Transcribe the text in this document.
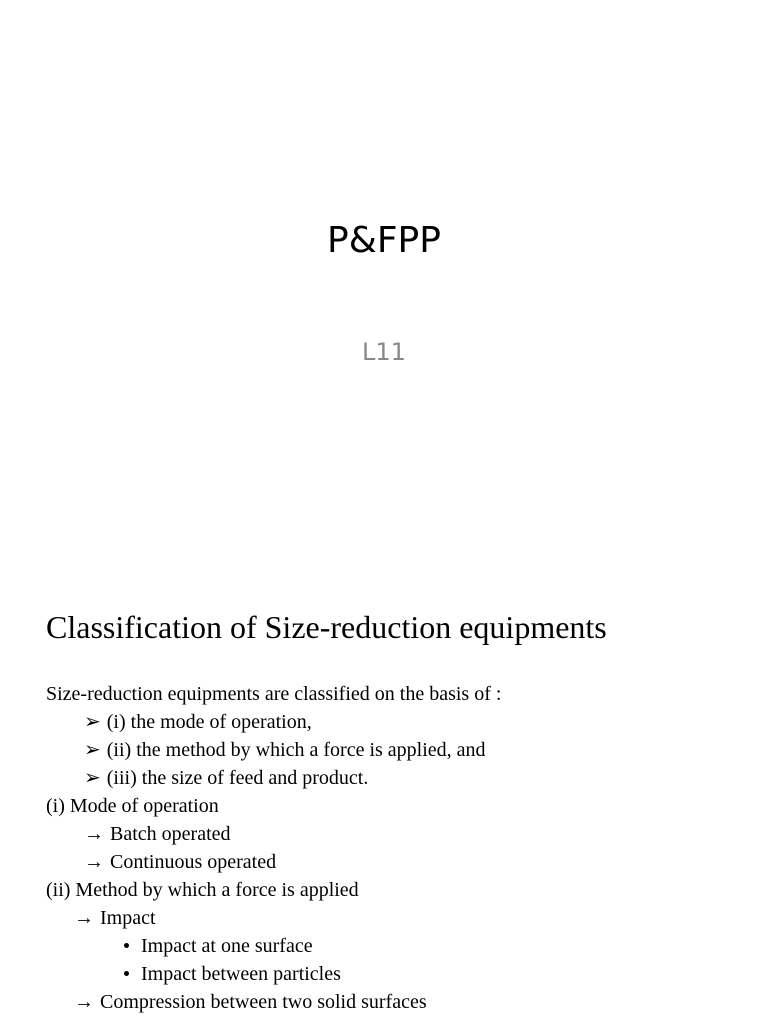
P&FPP
L11
Classification of Size-reduction equipments
Size-reduction equipments are classified on the basis of :
➢ (i) the mode of operation,
➢ (ii) the method by which a force is applied, and
➢ (iii) the size of feed and product.
(i) Mode of operation
→ Batch operated
→ Continuous operated
(ii) Method by which a force is applied
→ Impact
Impact at one surface
Impact between particles
→ Compression between two solid surfaces
